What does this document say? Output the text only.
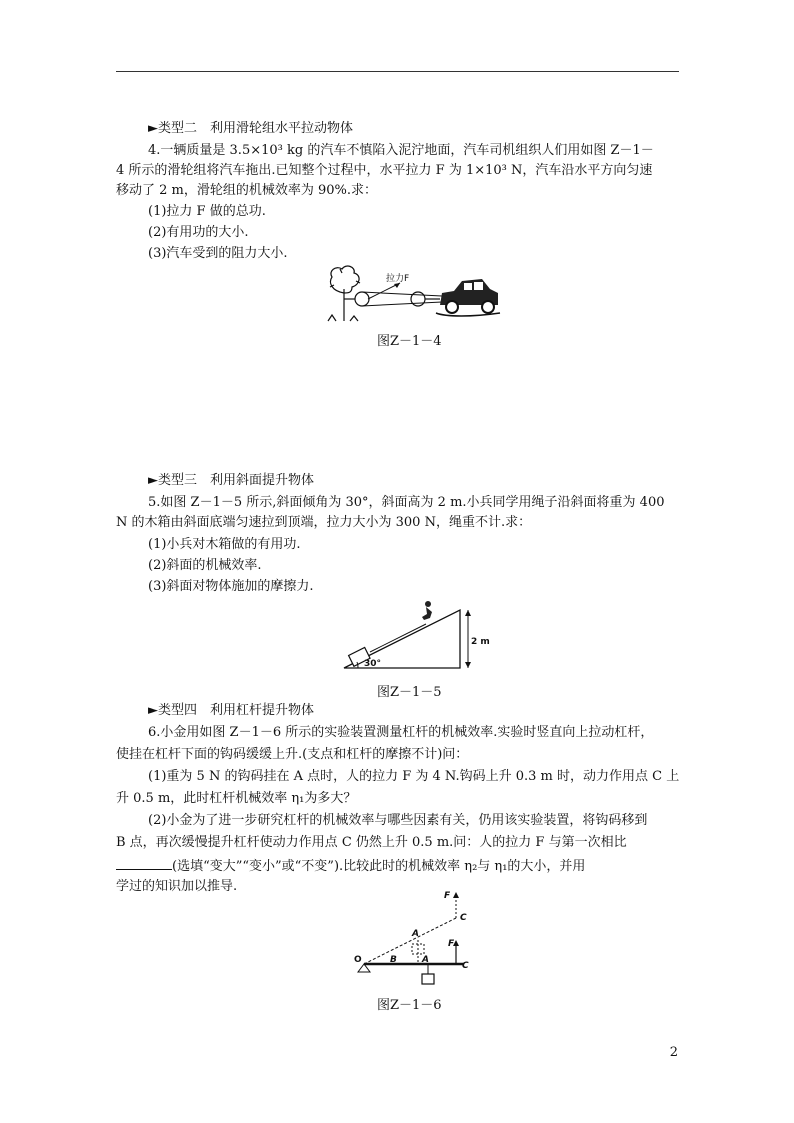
►类型二　利用滑轮组水平拉动物体
4.一辆质量是 3.5×10³ kg 的汽车不慎陷入泥泞地面，汽车司机组织人们用如图 Z－1－
4 所示的滑轮组将汽车拖出.已知整个过程中，水平拉力 F 为 1×10³ N，汽车沿水平方向匀速
移动了 2 m，滑轮组的机械效率为 90%.求：
(1)拉力 F 做的总功.
(2)有用功的大小.
(3)汽车受到的阻力大小.
拉力F
图Z－1－4
►类型三　利用斜面提升物体
5.如图 Z－1－5 所示,斜面倾角为 30°，斜面高为 2 m.小兵同学用绳子沿斜面将重为 400
N 的木箱由斜面底端匀速拉到顶端，拉力大小为 300 N，绳重不计.求：
(1)小兵对木箱做的有用功.
(2)斜面的机械效率.
(3)斜面对物体施加的摩擦力.
30°
2 m
图Z－1－5
►类型四　利用杠杆提升物体
6.小金用如图 Z－1－6 所示的实验装置测量杠杆的机械效率.实验时竖直向上拉动杠杆，
使挂在杠杆下面的钩码缓缓上升.(支点和杠杆的摩擦不计)问：
(1)重为 5 N 的钩码挂在 A 点时，人的拉力 F 为 4 N.钩码上升 0.3 m 时，动力作用点 C 上
升 0.5 m，此时杠杆机械效率 η₁为多大？
(2)小金为了进一步研究杠杆的机械效率与哪些因素有关，仍用该实验装置，将钩码移到
B 点，再次缓慢提升杠杆使动力作用点 C 仍然上升 0.5 m.问：人的拉力 F 与第一次相比
(选填“变大”“变小”或“不变”).比较此时的机械效率 η₂与 η₁的大小，并用
学过的知识加以推导.
O	B	A
A
F
C
F
C
图Z－1－6
2
